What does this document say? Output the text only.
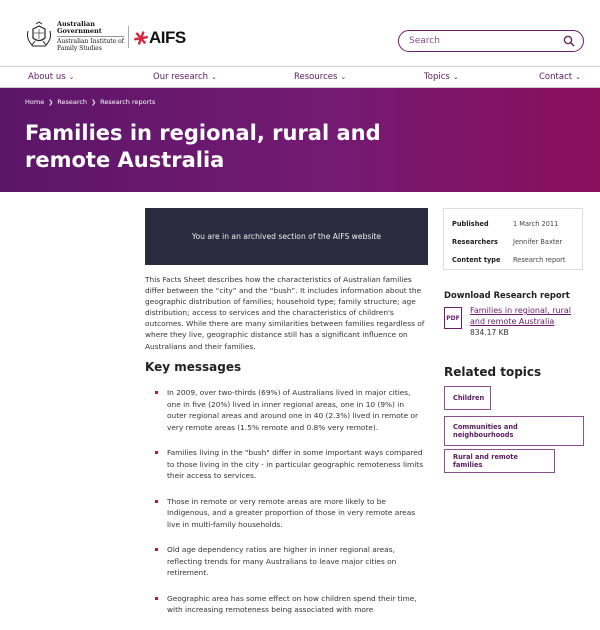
Australian Government
Australian Institute of
Family Studies
AIFS
Search
About us ⌄	Our research ⌄	Resources ⌄	Topics ⌄	Contact ⌄
Home ❯ Research ❯ Research reports
Families in regional, rural and remote Australia
You are in an archived section of the AIFS website

This Facts Sheet describes how the characteristics of Australian families differ between the “city” and the “bush”. It includes information about the geographic distribution of families; household type; family structure; age distribution; access to services and the characteristics of children's outcomes. While there are many similarities between families regardless of where they live, geographic distance still has a significant influence on Australians and their families.

Key messages
In 2009, over two-thirds (69%) of Australians lived in major cities, one in five (20%) lived in inner regional areas, one in 10 (9%) in outer regional areas and around one in 40 (2.3%) lived in remote or very remote areas (1.5% remote and 0.8% very remote).
Families living in the "bush" differ in some important ways compared to those living in the city - in particular geographic remoteness limits their access to services.
Those in remote or very remote areas are more likely to be Indigenous, and a greater proportion of those in very remote areas live in multi-family households.
Old age dependency ratios are higher in inner regional areas, reflecting trends for many Australians to leave major cities on retirement.
Geographic area has some effect on how children spend their time, with increasing remoteness being associated with more
Published	1 March 2011
Researchers	Jennifer Baxter
Content type	Research report
Download Research report
PDF
Families in regional, rural and remote Australia
834.17 KB
Related topics
Children
Communities and neighbourhoods
Rural and remote families
